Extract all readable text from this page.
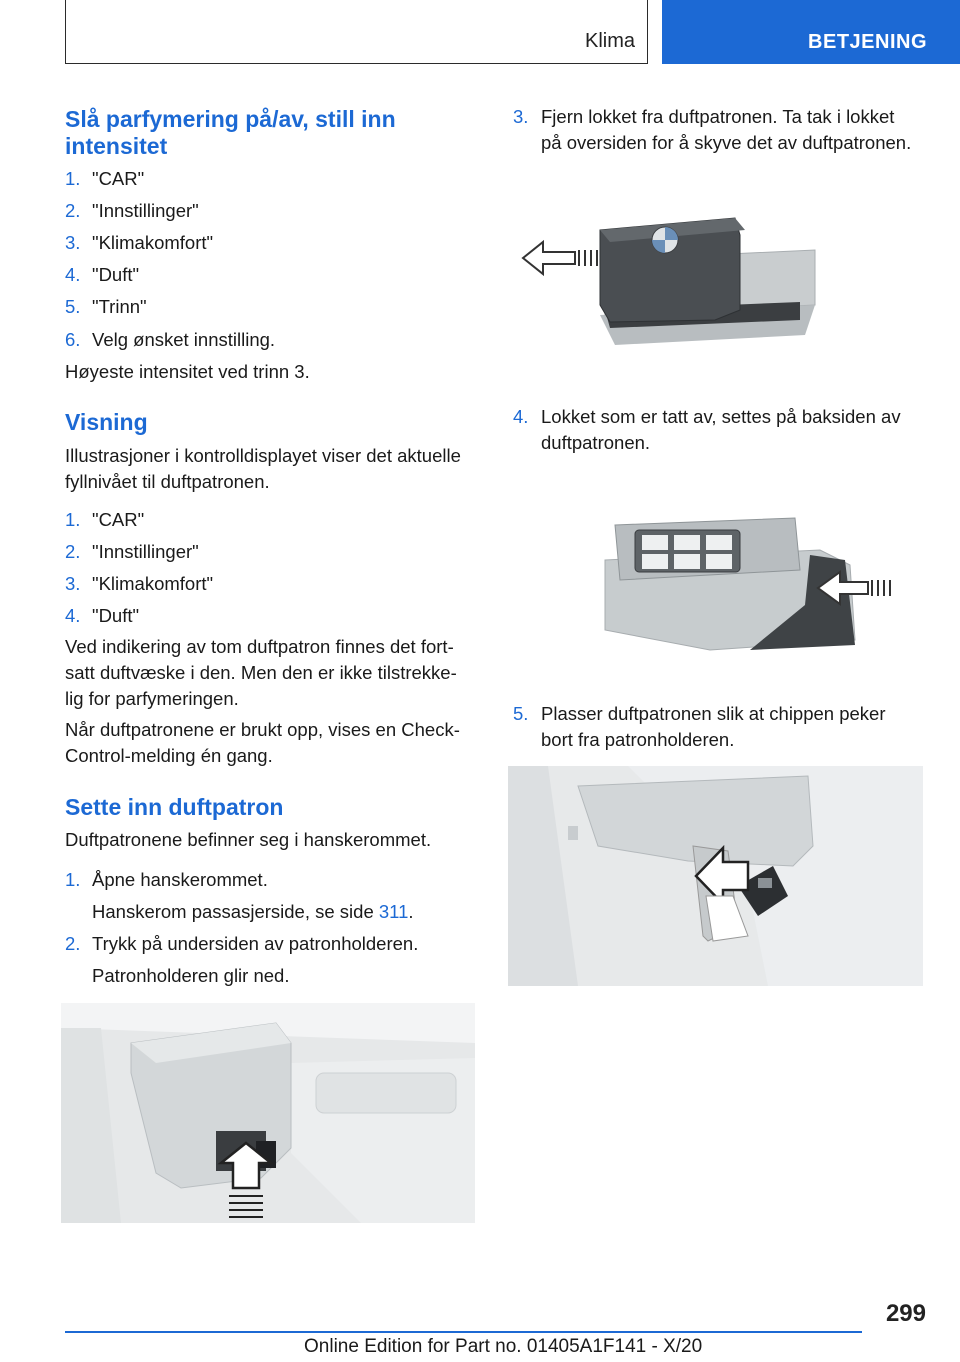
Klima	BETJENING
Slå parfymering på/av, still inn
intensitet
1. "CAR"
2. "Innstillinger"
3. "Klimakomfort"
4. "Duft"
5. "Trinn"
6. Velg ønsket innstilling.
Høyeste intensitet ved trinn 3.
Visning
Illustrasjoner i kontrolldisplayet viser det aktuelle
fyllnivået til duftpatronen.
1. "CAR"
2. "Innstillinger"
3. "Klimakomfort"
4. "Duft"
Ved indikering av tom duftpatron finnes det fort-
satt duftvæske i den. Men den er ikke tilstrekke-
lig for parfymeringen.
Når duftpatronene er brukt opp, vises en Check-
Control-melding én gang.
Sette inn duftpatron
Duftpatronene befinner seg i hanskerommet.
1. Åpne hanskerommet.
Hanskerom passasjerside, se side 311.
2. Trykk på undersiden av patronholderen.
Patronholderen glir ned.
3. Fjern lokket fra duftpatronen. Ta tak i lokket
på oversiden for å skyve det av duftpatronen.
4. Lokket som er tatt av, settes på baksiden av
duftpatronen.
5. Plasser duftpatronen slik at chippen peker
bort fra patronholderen.
299
Online Edition for Part no. 01405A1F141 - X/20
